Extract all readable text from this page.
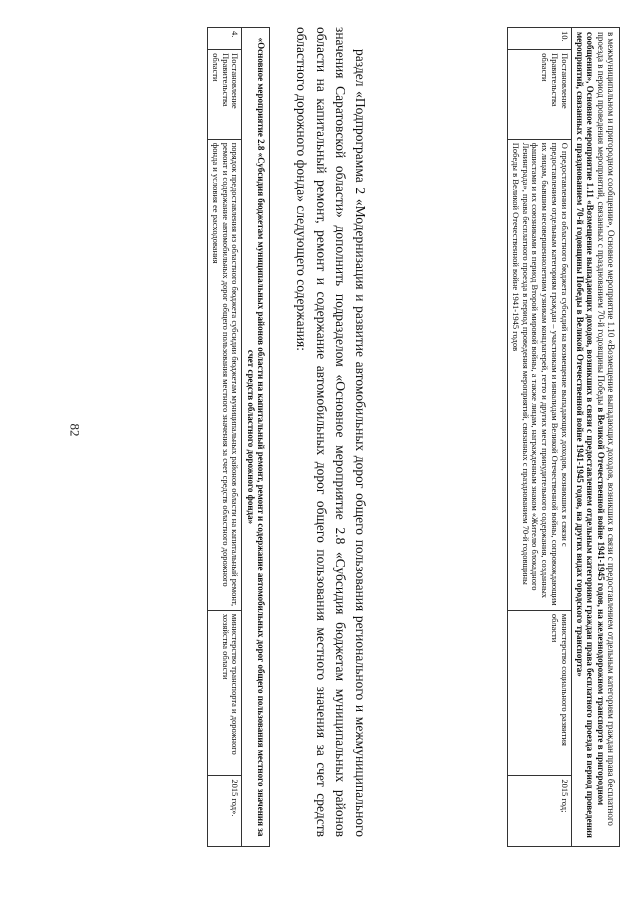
82	в межмуниципальном и пригородном сообщении», Основное мероприятие 1.10 «Возмещение выпадающих доходов, возникших в связи с предоставлением отдельным категориям граждан права бесплатного проезда в период проведения мероприятий, связанных с празднованием 70-й годовщины Победы в Великой Отечественной войне 1941-1945 годов, на железнодорожном транспорте в пригородном сообщении», Основное мероприятие 1.11 «Возмещение выпадающих доходов, возникших в связи с предоставлением отдельным категориям граждан права бесплатного проезда в период проведения мероприятий, связанных с празднованием 70-й годовщины Победы в Великой Отечественной войне 1941-1945 годов, на других видах городского транспорта»
10.	Постановление Правительства области	О предоставлении из областного бюджета субсидий на возмещение выпадающих доходов, возникших в связи с предоставлением отдельным категориям граждан – участникам и инвалидам Великой Отечественной войны, сопровождающим их лицам, бывшим несовершеннолетним узникам концлагерей, гетто и других мест принудительного содержания, созданных фашистами и их союзниками в период Второй мировой войны, а также лицам, награжденным знаком «Жителю блокадного Ленинграда», права бесплатного проезда в период проведения мероприятий, связанных с празднованием 70-й годовщины Победы в Великой Отечественной войне 1941-1945 годов	министерство социального развития области	2015 год;
раздел «Подпрограмма 2 «Модернизация и развитие автомобильных дорог общего пользования регионального и межмуниципального значения Саратовской области» дополнить подразделом «Основное мероприятие 2.8 «Субсидия бюджетам муниципальных районов области на капитальный ремонт, ремонт и содержание автомобильных дорог общего пользования местного значения за счет средств областного дорожного фонда» следующего содержания:
«Основное мероприятие 2.8 «Субсидия бюджетам муниципальных районов области на капитальный ремонт, ремонт и содержание автомобильных дорог общего пользования местного значения за счет средств областного дорожного фонда»
4.	Постановление Правительства области	порядок предоставления из областного бюджета субсидии бюджетам муниципальных районов области на капитальный ремонт, ремонт и содержание автомобильных дорог общего пользования местного значения за счет средств областного дорожного фонда и условия ее расходования	министерство транспорта и дорожного хозяйства области	2015 год».
